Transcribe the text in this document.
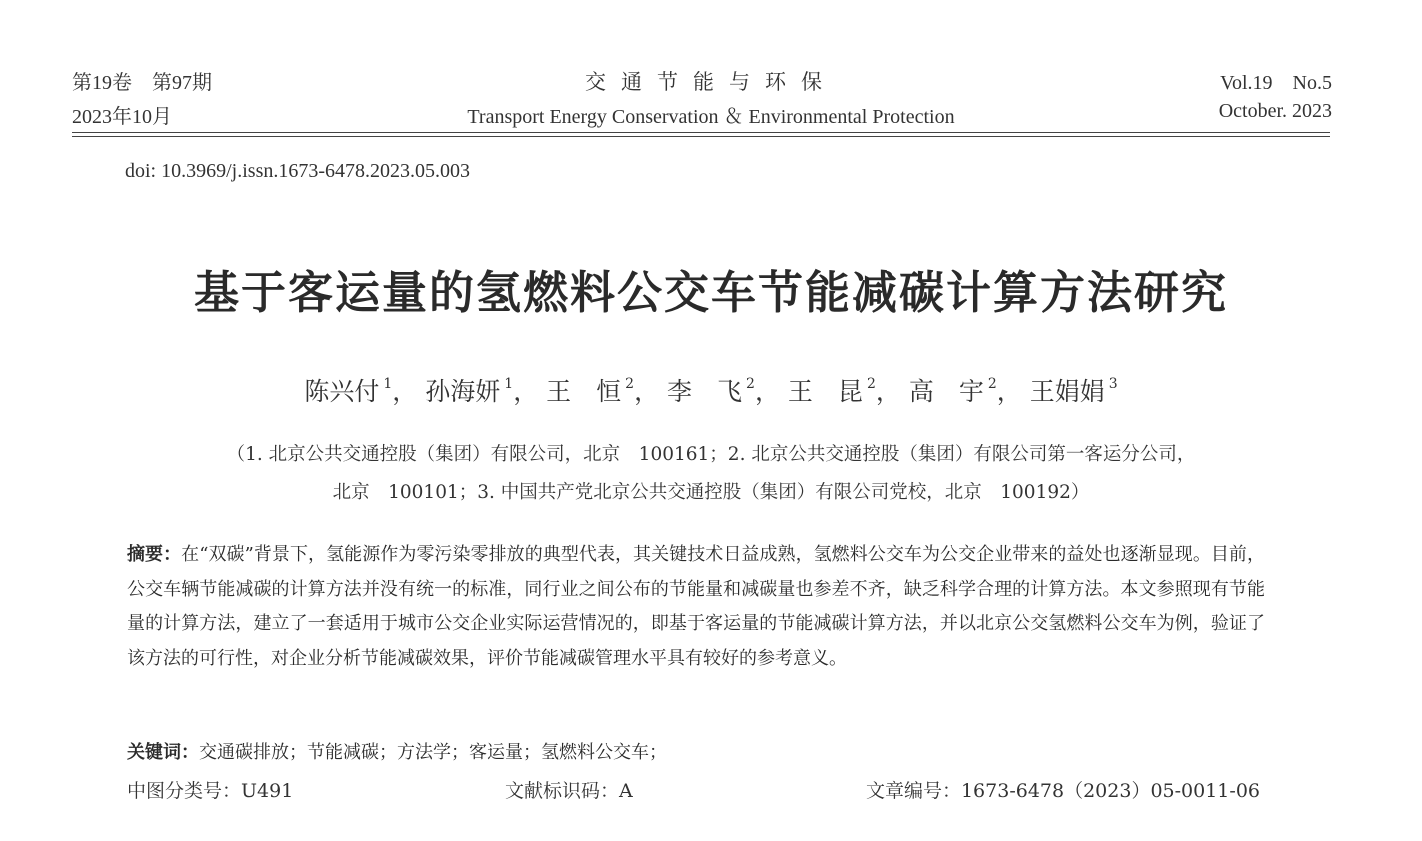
第19卷　第97期
2023年10月
交通节能与环保
Transport Energy Conservation ＆ Environmental Protection
Vol.19　No.5
October. 2023
doi: 10.3969/j.issn.1673-6478.2023.05.003
基于客运量的氢燃料公交车节能减碳计算方法研究
陈兴付 $^1$， 孙海妍 $^1$， 王　恒 $^2$， 李　飞 $^2$， 王　昆 $^2$， 高　宇 $^2$， 王娟娟 $^3$
（1. 北京公共交通控股（集团）有限公司，北京　100161；2. 北京公共交通控股（集团）有限公司第一客运分公司，
北京　100101；3. 中国共产党北京公共交通控股（集团）有限公司党校，北京　100192）
摘要：在“双碳”背景下，氢能源作为零污染零排放的典型代表，其关键技术日益成熟，氢燃料公交车为公交企业带来的益处也逐渐显现。目前，公交车辆节能减碳的计算方法并没有统一的标准，同行业之间公布的节能量和减碳量也参差不齐，缺乏科学合理的计算方法。本文参照现有节能量的计算方法，建立了一套适用于城市公交企业实际运营情况的，即基于客运量的节能减碳计算方法，并以北京公交氢燃料公交车为例，验证了该方法的可行性，对企业分析节能减碳效果，评价节能减碳管理水平具有较好的参考意义。
关键词：交通碳排放；节能减碳；方法学；客运量；氢燃料公交车；
中图分类号：U491	文献标识码：A	文章编号：1673-6478（2023）05-0011-06
